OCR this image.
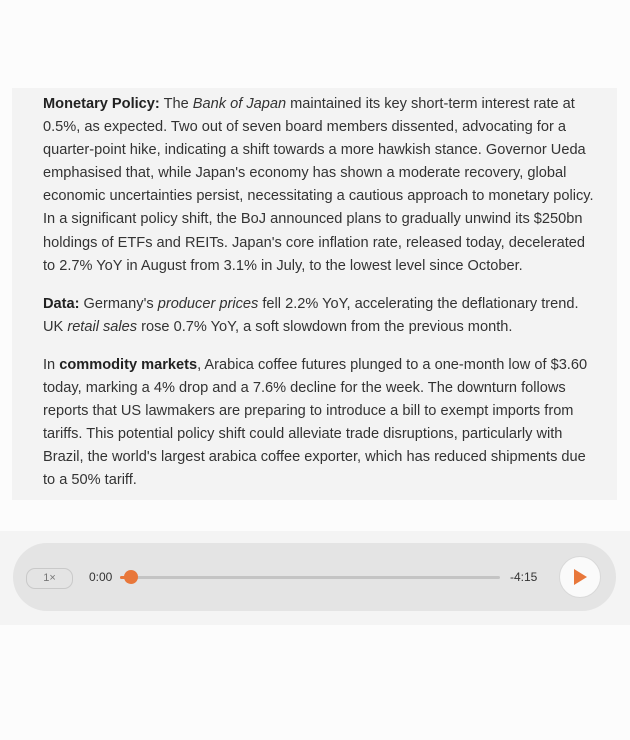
Monetary Policy: The Bank of Japan maintained its key short-term interest rate at 0.5%, as expected. Two out of seven board members dissented, advocating for a quarter-point hike, indicating a shift towards a more hawkish stance. Governor Ueda emphasised that, while Japan's economy has shown a moderate recovery, global economic uncertainties persist, necessitating a cautious approach to monetary policy. In a significant policy shift, the BoJ announced plans to gradually unwind its $250bn holdings of ETFs and REITs. Japan's core inflation rate, released today, decelerated to 2.7% YoY in August from 3.1% in July, to the lowest level since October.

Data: Germany's producer prices fell 2.2% YoY, accelerating the deflationary trend. UK retail sales rose 0.7% YoY, a soft slowdown from the previous month.

In commodity markets, Arabica coffee futures plunged to a one-month low of $3.60 today, marking a 4% drop and a 7.6% decline for the week. The downturn follows reports that US lawmakers are preparing to introduce a bill to exempt imports from tariffs. This potential policy shift could alleviate trade disruptions, particularly with Brazil, the world's largest arabica coffee exporter, which has reduced shipments due to a 50% tariff.

1×	0:00	-4:15
